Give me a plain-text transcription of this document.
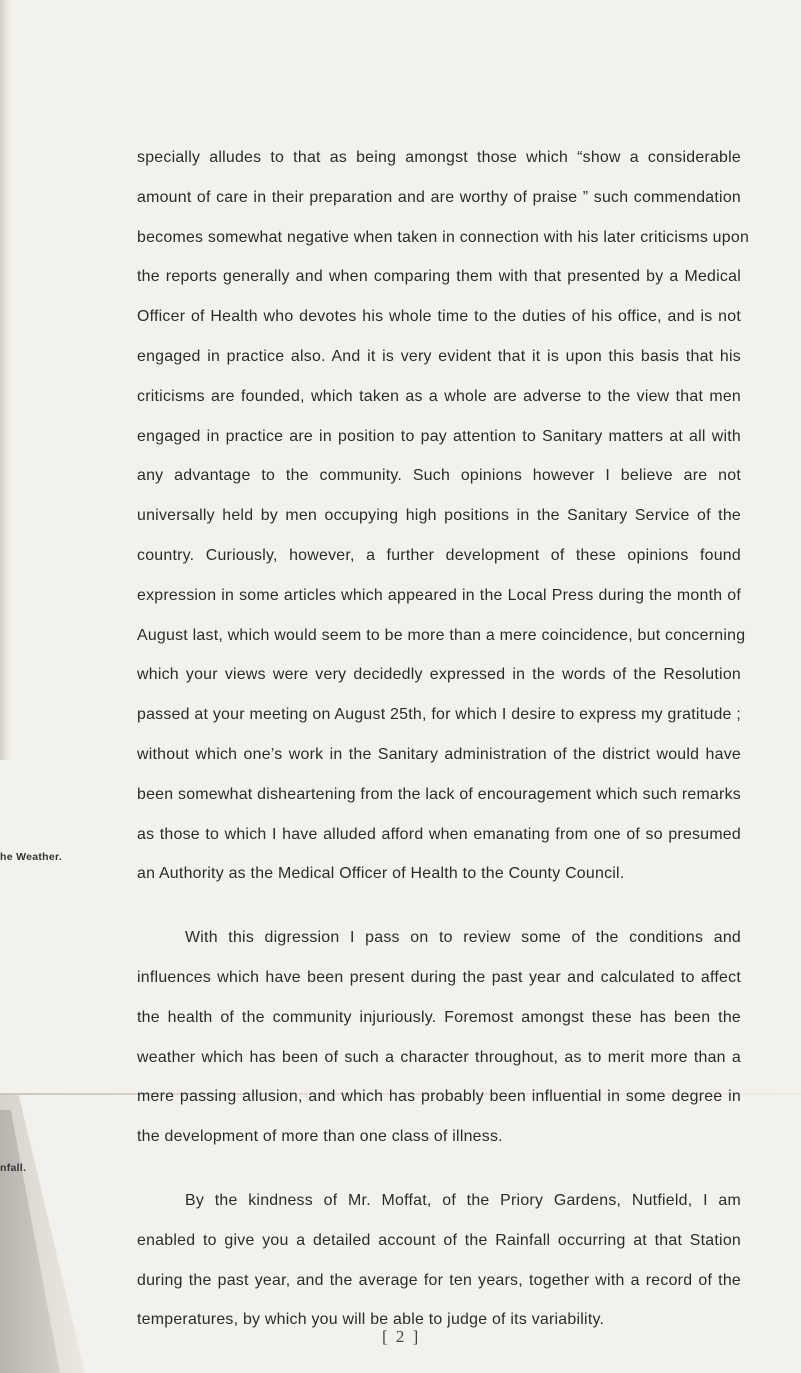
he Weather.
nfall.

specially alludes to that as being amongst those which “show a considerable
amount of care in their preparation and are worthy of praise ” such commendation
becomes somewhat negative when taken in connection with his later criticisms upon
the reports generally and when comparing them with that presented by a Medical
Officer of Health who devotes his whole time to the duties of his office, and is not
engaged in practice also. And it is very evident that it is upon this basis that his
criticisms are founded, which taken as a whole are adverse to the view that men
engaged in practice are in position to pay attention to Sanitary matters at all with
any advantage to the community. Such opinions however I believe are not
universally held by men occupying high positions in the Sanitary Service of the
country. Curiously, however, a further development of these opinions found
expression in some articles which appeared in the Local Press during the month of
August last, which would seem to be more than a mere coincidence, but concerning
which your views were very decidedly expressed in the words of the Resolution
passed at your meeting on August 25th, for which I desire to express my gratitude ;
without which one’s work in the Sanitary administration of the district would have
been somewhat disheartening from the lack of encouragement which such remarks
as those to which I have alluded afford when emanating from one of so presumed
an Authority as the Medical Officer of Health to the County Council.

With this digression I pass on to review some of the conditions and
influences which have been present during the past year and calculated to affect
the health of the community injuriously. Foremost amongst these has been the
weather which has been of such a character throughout, as to merit more than a
mere passing allusion, and which has probably been influential in some degree in
the development of more than one class of illness.

By the kindness of Mr. Moffat, of the Priory Gardens, Nutfield, I am
enabled to give you a detailed account of the Rainfall occurring at that Station
during the past year, and the average for ten years, together with a record of the
temperatures, by which you will be able to judge of its variability.

[ 2 ]
